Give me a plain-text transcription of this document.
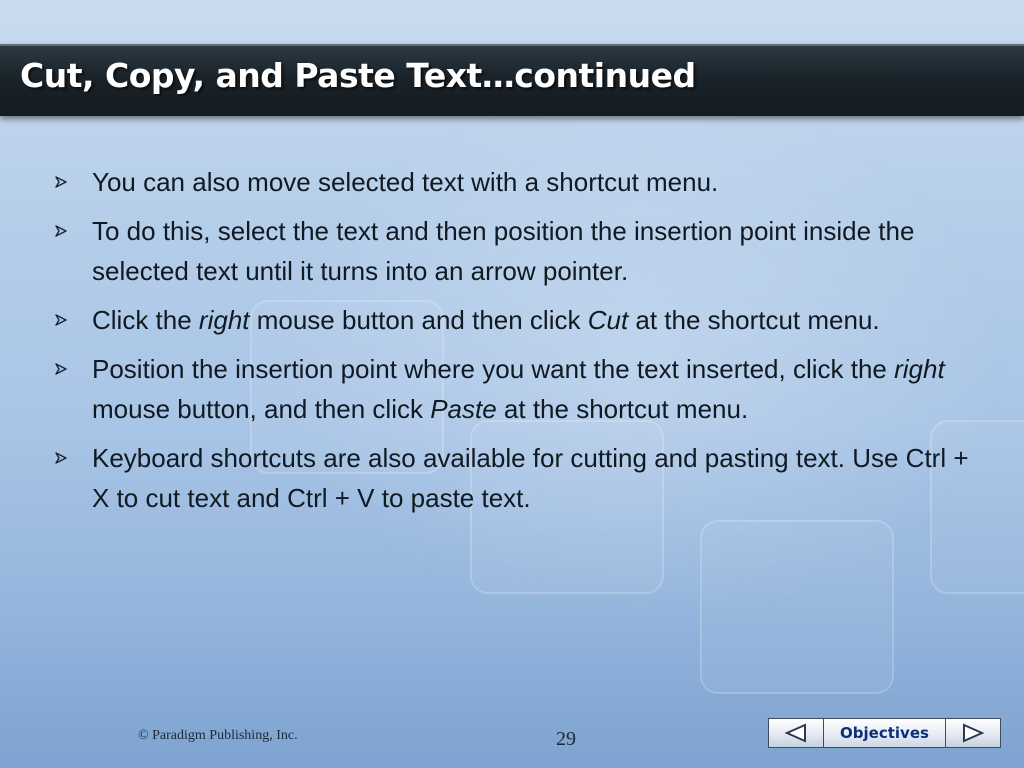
Cut, Copy, and Paste Text…continued
You can also move selected text with a shortcut menu.
To do this, select the text and then position the insertion point inside the selected text until it turns into an arrow pointer.
Click the right mouse button and then click Cut at the shortcut menu.
Position the insertion point where you want the text inserted, click the right mouse button, and then click Paste at the shortcut menu.
Keyboard shortcuts are also available for cutting and pasting text. Use Ctrl + X to cut text and Ctrl + V to paste text.
© Paradigm Publishing, Inc.	29	Objectives
